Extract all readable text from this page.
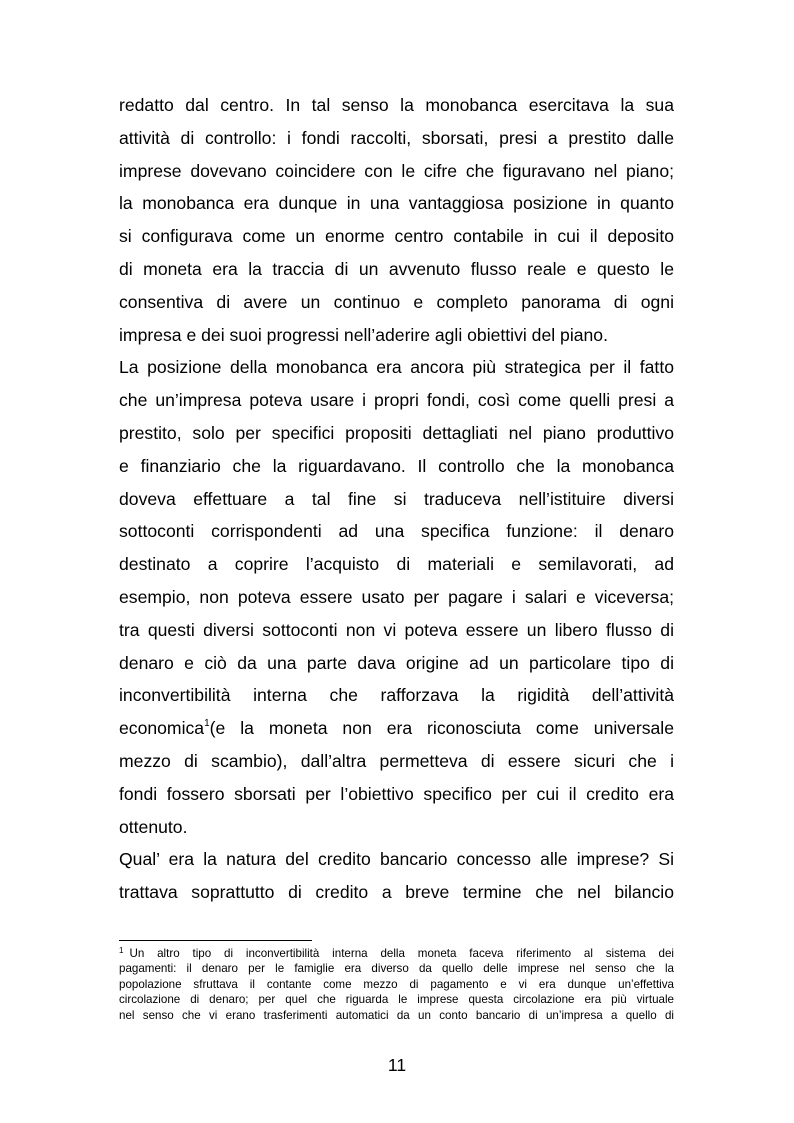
redatto dal centro. In tal senso la monobanca esercitava la sua
attività di controllo: i fondi raccolti, sborsati, presi a prestito dalle
imprese dovevano coincidere con le cifre che figuravano nel piano;
la monobanca era dunque in una vantaggiosa posizione in quanto
si configurava come un enorme centro contabile in cui il deposito
di moneta era la traccia di un avvenuto flusso reale e questo le
consentiva di avere un continuo e completo panorama di ogni
impresa e dei suoi progressi nell’aderire agli obiettivi del piano.
La posizione della monobanca era ancora più strategica per il fatto
che un’impresa poteva usare i propri fondi, così come quelli presi a
prestito, solo per specifici propositi dettagliati nel piano produttivo
e finanziario che la riguardavano. Il controllo che la monobanca
doveva effettuare a tal fine si traduceva nell’istituire diversi
sottoconti corrispondenti ad una specifica funzione: il denaro
destinato a coprire l’acquisto di materiali e semilavorati, ad
esempio, non poteva essere usato per pagare i salari e viceversa;
tra questi diversi sottoconti non vi poteva essere un libero flusso di
denaro e ciò da una parte dava origine ad un particolare tipo di
inconvertibilità interna che rafforzava la rigidità dell’attività
economica$^1$(e la moneta non era riconosciuta come universale
mezzo di scambio), dall’altra permetteva di essere sicuri che i
fondi fossero sborsati per l’obiettivo specifico per cui il credito era
ottenuto.
Qual’ era la natura del credito bancario concesso alle imprese? Si
trattava soprattutto di credito a breve termine che nel bilancio
$^1$ Un altro tipo di inconvertibilità interna della moneta faceva riferimento al sistema dei
pagamenti: il denaro per le famiglie era diverso da quello delle imprese nel senso che la
popolazione sfruttava il contante come mezzo di pagamento e vi era dunque un’effettiva
circolazione di denaro; per quel che riguarda le imprese questa circolazione era più virtuale
nel senso che vi erano trasferimenti automatici da un conto bancario di un’impresa a quello di
11
